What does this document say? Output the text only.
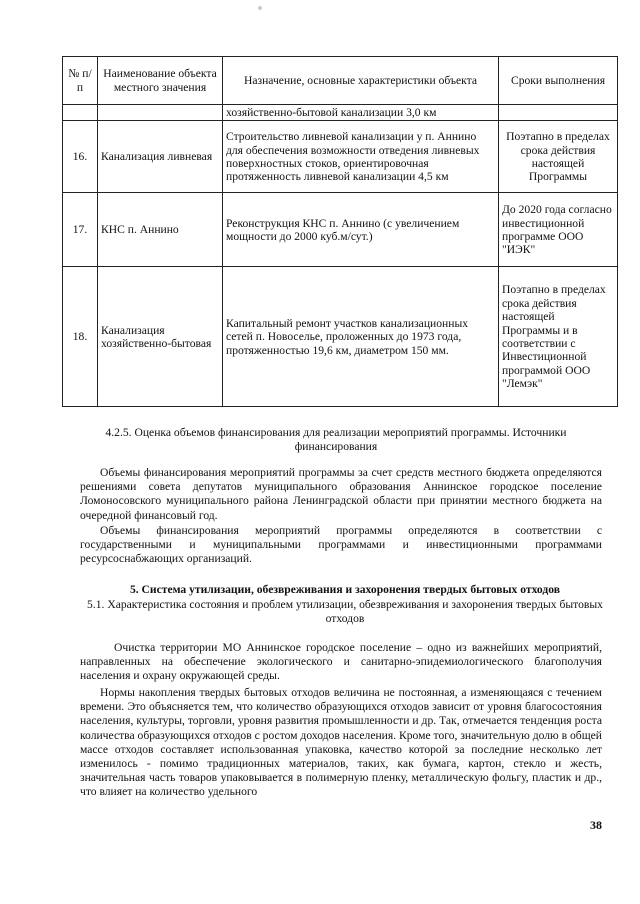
№ п/п	Наименование объекта местного значения	Назначение, основные характеристики объекта	Сроки выполнения
		хозяйственно-бытовой канализации 3,0 км	
16.	Канализация ливневая	Строительство ливневой канализации у п. Аннино для обеспечения возможности отведения ливневых поверхностных стоков, ориентировочная протяженность ливневой канализации 4,5 км	Поэтапно в пределах срока действия настоящей Программы
17.	КНС п. Аннино	Реконструкция КНС п. Аннино (с увеличением мощности до 2000 куб.м/сут.)	До 2020 года согласно инвестиционной программе ООО "ИЭК"
18.	Канализация хозяйственно-бытовая	Капитальный ремонт участков канализационных сетей п. Новоселье, проложенных до 1973 года, протяженностью 19,6 км, диаметром 150 мм.	Поэтапно в пределах срока действия настоящей Программы и в соответствии с Инвестиционной программой ООО "Лемэк"
4.2.5. Оценка объемов финансирования для реализации мероприятий программы. Источники финансирования
Объемы финансирования мероприятий программы за счет средств местного бюджета определяются решениями совета депутатов муниципального образования Аннинское городское поселение Ломоносовского муниципального района Ленинградской области при принятии местного бюджета на очередной финансовый год.
Объемы финансирования мероприятий программы определяются в соответствии с государственными и муниципальными программами и инвестиционными программами ресурсоснабжающих организаций.
5. Система утилизации, обезвреживания и захоронения твердых бытовых отходов
5.1. Характеристика состояния и проблем утилизации, обезвреживания и захоронения твердых бытовых отходов
Очистка территории МО Аннинское городское поселение – одно из важнейших мероприятий, направленных на обеспечение экологического и санитарно-эпидемиологического благополучия населения и охрану окружающей среды.
Нормы накопления твердых бытовых отходов величина не постоянная, а изменяющаяся с течением времени. Это объясняется тем, что количество образующихся отходов зависит от уровня благосостояния населения, культуры, торговли, уровня развития промышленности и др. Так, отмечается тенденция роста количества образующихся отходов с ростом доходов населения. Кроме того, значительную долю в общей массе отходов составляет использованная упаковка, качество которой за последние несколько лет изменилось - помимо традиционных материалов, таких, как бумага, картон, стекло и жесть, значительная часть товаров упаковывается в полимерную пленку, металлическую фольгу, пластик и др., что влияет на количество удельного
38
